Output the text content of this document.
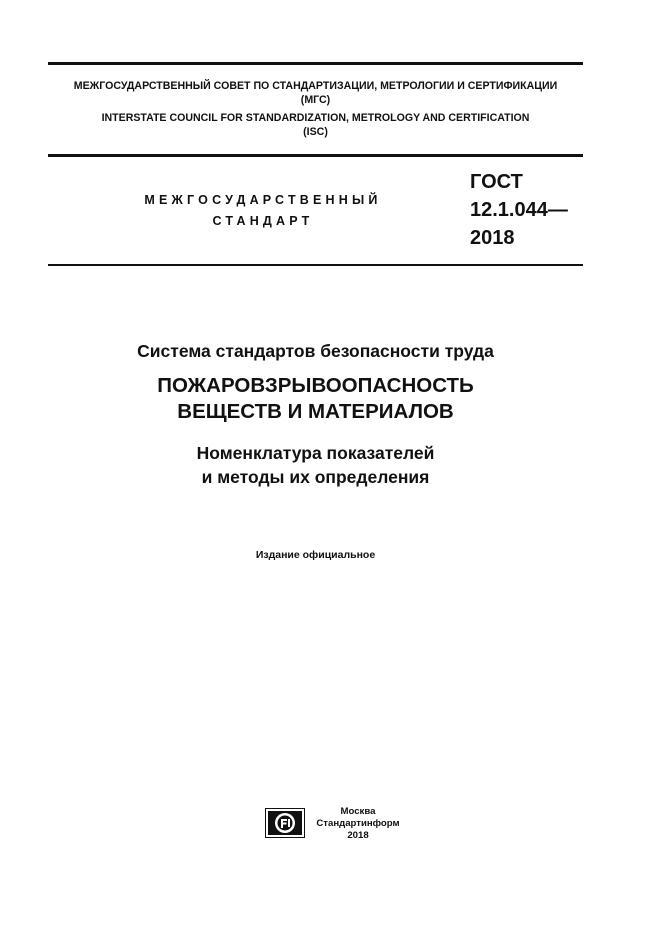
МЕЖГОСУДАРСТВЕННЫЙ СОВЕТ ПО СТАНДАРТИЗАЦИИ, МЕТРОЛОГИИ И СЕРТИФИКАЦИИ
(МГС)
INTERSTATE COUNCIL FOR STANDARDIZATION, METROLOGY AND CERTIFICATION
(ISC)
МЕЖГОСУДАРСТВЕННЫЙ
СТАНДАРТ
ГОСТ
12.1.044—
2018
Система стандартов безопасности труда
ПОЖАРОВЗРЫВООПАСНОСТЬ
ВЕЩЕСТВ И МАТЕРИАЛОВ
Номенклатура показателей
и методы их определения
Издание официальное
Москва
Стандартинформ
2018
